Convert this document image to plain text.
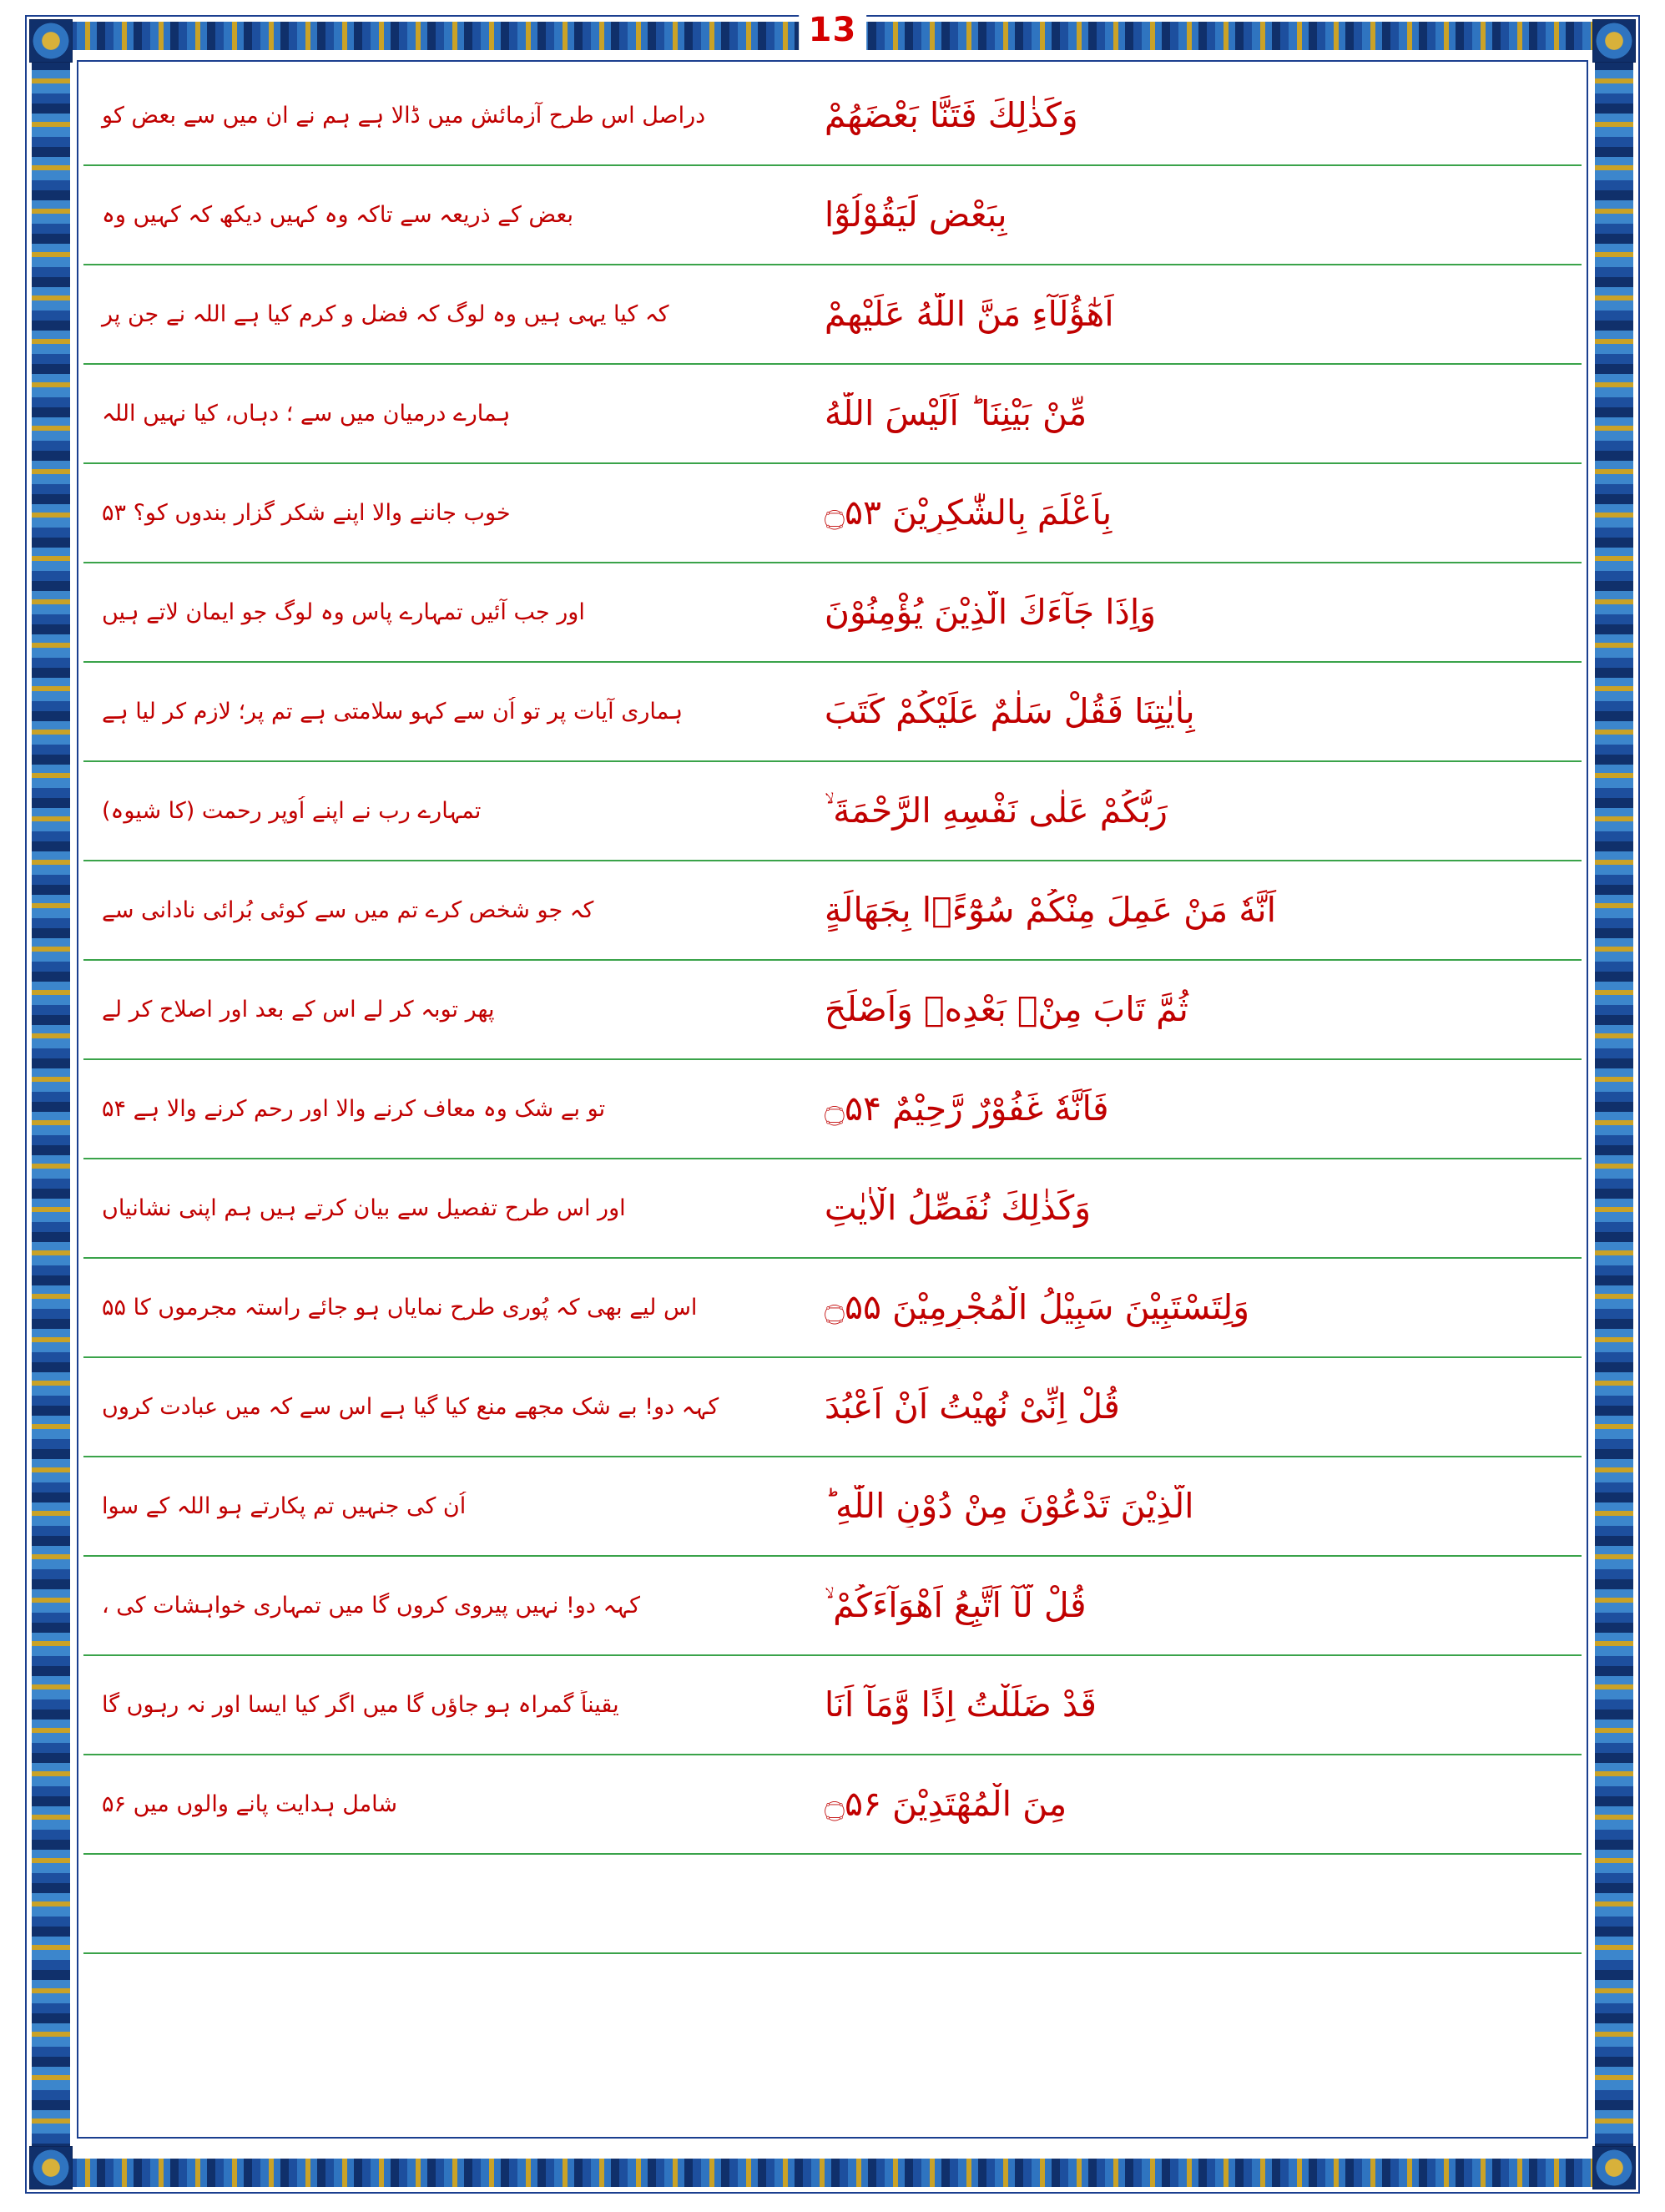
13
وَكَذٰلِكَ فَتَنَّا بَعْضَهُمْ
دراصل اس طرح آزمائش میں ڈالا ہے ہم نے ان میں سے بعض کو
بِبَعْضٍ لِّيَقُوْلُوْٓا
بعض کے ذریعہ سے تاکہ وہ کہیں دیکھ کہ کہیں وہ
اَهٰٓؤُلَآءِ مَنَّ اللّٰهُ عَلَيْهِمْ
کہ کیا یہی ہیں وہ لوگ کہ فضل و کرم کیا ہے اللہ نے جن پر
مِّنْ بَيْنِنَا ؕ اَلَيْسَ اللّٰهُ
ہمارے درمیان میں سے ؛ دہاں، کیا نہیں اللہ
بِاَعْلَمَ بِالشّٰكِرِيْنَ ۝۵۳
خوب جاننے والا اپنے شکر گزار بندوں کو؟ ۵۳
وَاِذَا جَآءَكَ الَّذِيْنَ يُؤْمِنُوْنَ
اور جب آئیں تمہارے پاس وہ لوگ جو ایمان لاتے ہیں
بِاٰيٰتِنَا فَقُلْ سَلٰمٌ عَلَيْكُمْ كَتَبَ
ہماری آیات پر تو اُن سے کہو سلامتی ہے تم پر؛ لازم کر لیا ہے
رَبُّكُمْ عَلٰى نَفْسِهِ الرَّحْمَةَ ۙ
تمہارے رب نے اپنے اُوپر رحمت (کا شیوہ)
اَنَّهٗ مَنْ عَمِلَ مِنْكُمْ سُوْٓءًۢا بِجَهَالَةٍ
کہ جو شخص کرے تم میں سے کوئی بُرائی نادانی سے
ثُمَّ تَابَ مِنْۢ بَعْدِهٖ وَاَصْلَحَ
پھر توبہ کر لے اس کے بعد اور اصلاح کر لے
فَاَنَّهٗ غَفُوْرٌ رَّحِيْمٌ ۝۵۴
تو بے شک وہ معاف کرنے والا اور رحم کرنے والا ہے ۵۴
وَكَذٰلِكَ نُفَصِّلُ الْاٰيٰتِ
اور اس طرح تفصیل سے بیان کرتے ہیں ہم اپنی نشانیاں
وَلِتَسْتَبِيْنَ سَبِيْلُ الْمُجْرِمِيْنَ ۝۵۵
اس لیے بھی کہ پُوری طرح نمایاں ہو جائے راستہ مجرموں کا ۵۵
قُلْ اِنِّىْ نُهِيْتُ اَنْ اَعْبُدَ
کہہ دو! بے شک مجھے منع کیا گیا ہے اس سے کہ میں عبادت کروں
الَّذِيْنَ تَدْعُوْنَ مِنْ دُوْنِ اللّٰهِ ؕ
اُن کی جنہیں تم پکارتے ہو اللہ کے سوا
قُلْ لَّآ اَتَّبِعُ اَهْوَآءَكُمْ ۙ
کہہ دو! نہیں پیروی کروں گا میں تمہاری خواہشات کی ،
قَدْ ضَلَلْتُ اِذًا وَّمَآ اَنَا
یقیناً گمراہ ہو جاؤں گا میں اگر کیا ایسا اور نہ رہوں گا
مِنَ الْمُهْتَدِيْنَ ۝۵۶
شامل ہدایت پانے والوں میں ۵۶
